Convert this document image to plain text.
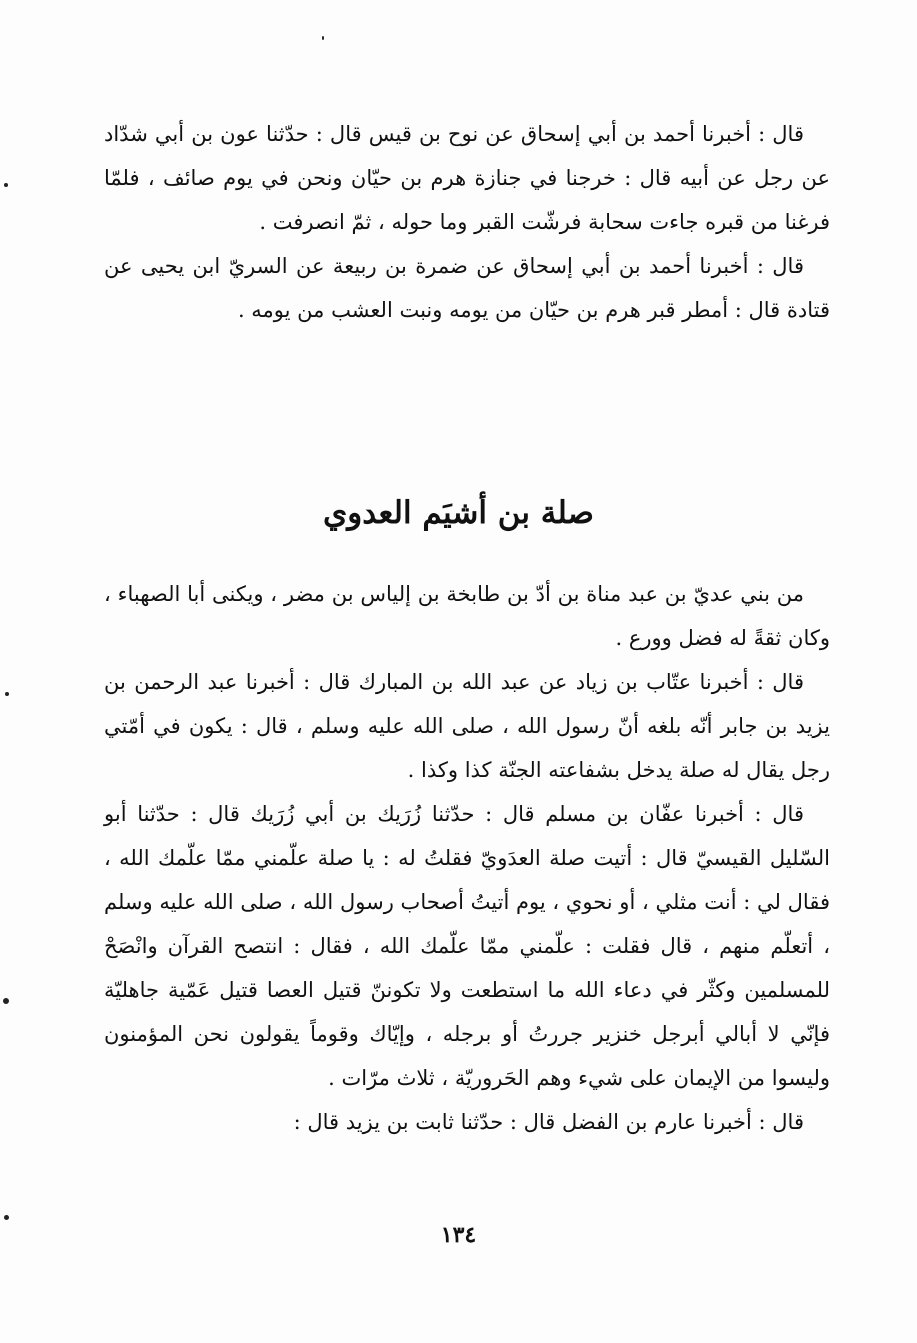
قال : أخبرنا أحمد بن أبي إسحاق عن نوح بن قيس قال : حدّثنا عون بن أبي شدّاد عن رجل عن أبيه قال : خرجنا في جنازة هرم بن حيّان ونحن في يوم صائف ، فلمّا فرغنا من قبره جاءت سحابة فرشّت القبر وما حوله ، ثمّ انصرفت .

قال : أخبرنا أحمد بن أبي إسحاق عن ضمرة بن ربيعة عن السريّ ابن يحيى عن قتادة قال : أمطر قبر هرم بن حيّان من يومه ونبت العشب من يومه .

صلة بن أشيَم العدوي

من بني عديّ بن عبد مناة بن أدّ بن طابخة بن إلياس بن مضر ، ويكنى أبا الصهباء ، وكان ثقةً له فضل وورع .

قال : أخبرنا عتّاب بن زياد عن عبد الله بن المبارك قال : أخبرنا عبد الرحمن بن يزيد بن جابر أنّه بلغه أنّ رسول الله ، صلى الله عليه وسلم ، قال : يكون في أمّتي رجل يقال له صلة يدخل بشفاعته الجنّة كذا وكذا .

قال : أخبرنا عفّان بن مسلم قال : حدّثنا زُرَيك بن أبي زُرَيك قال : حدّثنا أبو السّليل القيسيّ قال : أتيت صلة العدَويّ فقلتُ له : يا صلة علّمني ممّا علّمك الله ، فقال لي : أنت مثلي ، أو نحوي ، يوم أتيتُ أصحاب رسول الله ، صلى الله عليه وسلم ، أتعلّم منهم ، قال فقلت : علّمني ممّا علّمك الله ، فقال : انتصح القرآن وانْصَحْ للمسلمين وكثّر في دعاء الله ما استطعت ولا تكوننّ قتيل العصا قتيل عَمّية جاهليّة فإنّي لا أبالي أبرجل خنزير جررتُ أو برجله ، وإيّاك وقوماً يقولون نحن المؤمنون وليسوا من الإيمان على شيء وهم الحَروريّة ، ثلاث مرّات .

قال : أخبرنا عارم بن الفضل قال : حدّثنا ثابت بن يزيد قال :

١٣٤
